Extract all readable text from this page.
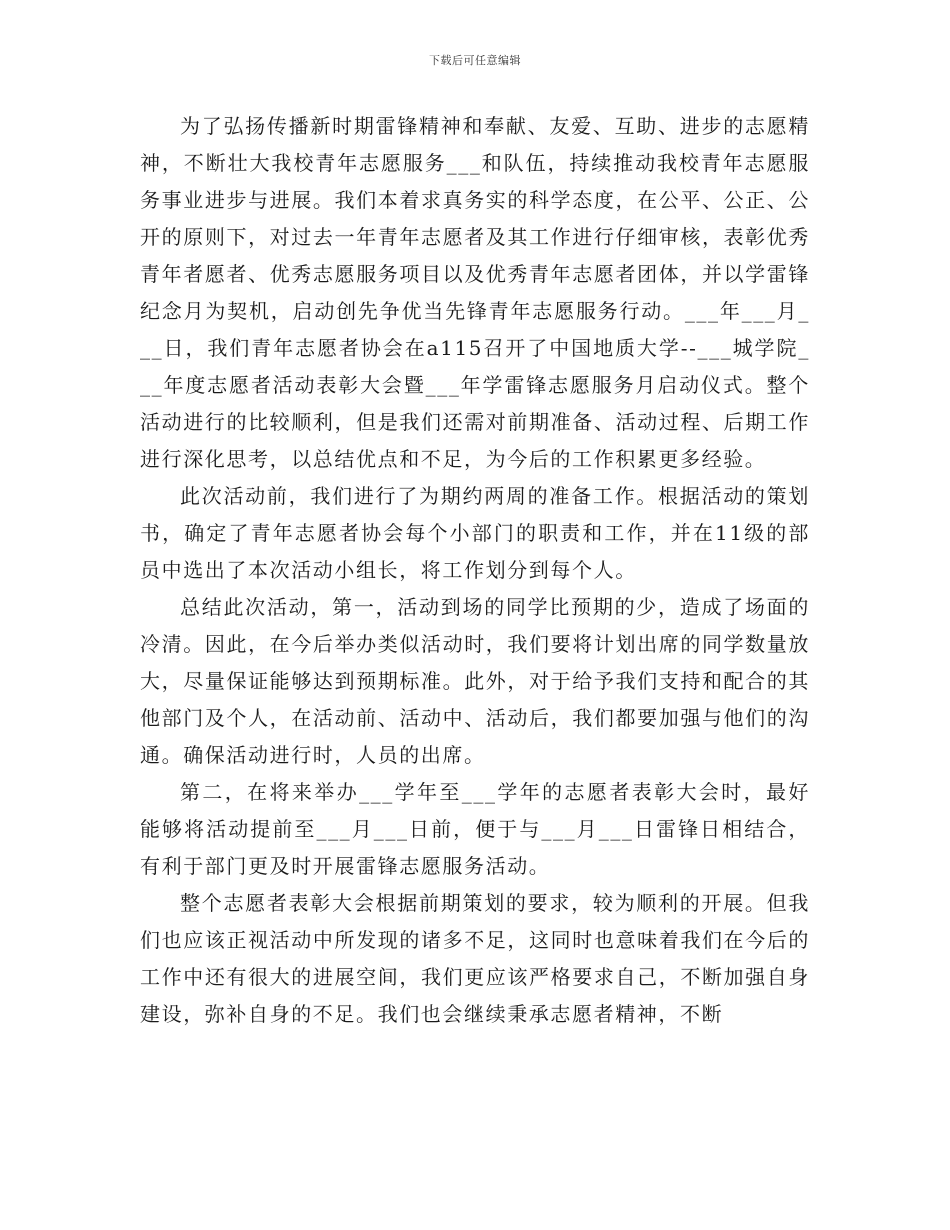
下载后可任意编辑

为了弘扬传播新时期雷锋精神和奉献、友爱、互助、进步的志愿精神，不断壮大我校青年志愿服务___和队伍，持续推动我校青年志愿服务事业进步与进展。我们本着求真务实的科学态度，在公平、公正、公开的原则下，对过去一年青年志愿者及其工作进行仔细审核，表彰优秀青年者愿者、优秀志愿服务项目以及优秀青年志愿者团体，并以学雷锋纪念月为契机，启动创先争优当先锋青年志愿服务行动。___年___月___日，我们青年志愿者协会在a115召开了中国地质大学--___城学院___年度志愿者活动表彰大会暨___年学雷锋志愿服务月启动仪式。整个活动进行的比较顺利，但是我们还需对前期准备、活动过程、后期工作进行深化思考，以总结优点和不足，为今后的工作积累更多经验。

此次活动前，我们进行了为期约两周的准备工作。根据活动的策划书，确定了青年志愿者协会每个小部门的职责和工作，并在11级的部员中选出了本次活动小组长，将工作划分到每个人。

总结此次活动，第一，活动到场的同学比预期的少，造成了场面的冷清。因此，在今后举办类似活动时，我们要将计划出席的同学数量放大，尽量保证能够达到预期标准。此外，对于给予我们支持和配合的其他部门及个人，在活动前、活动中、活动后，我们都要加强与他们的沟通。确保活动进行时，人员的出席。

第二，在将来举办___学年至___学年的志愿者表彰大会时，最好能够将活动提前至___月___日前，便于与___月___日雷锋日相结合，有利于部门更及时开展雷锋志愿服务活动。

整个志愿者表彰大会根据前期策划的要求，较为顺利的开展。但我们也应该正视活动中所发现的诸多不足，这同时也意味着我们在今后的工作中还有很大的进展空间，我们更应该严格要求自己，不断加强自身建设，弥补自身的不足。我们也会继续秉承志愿者精神，不断
